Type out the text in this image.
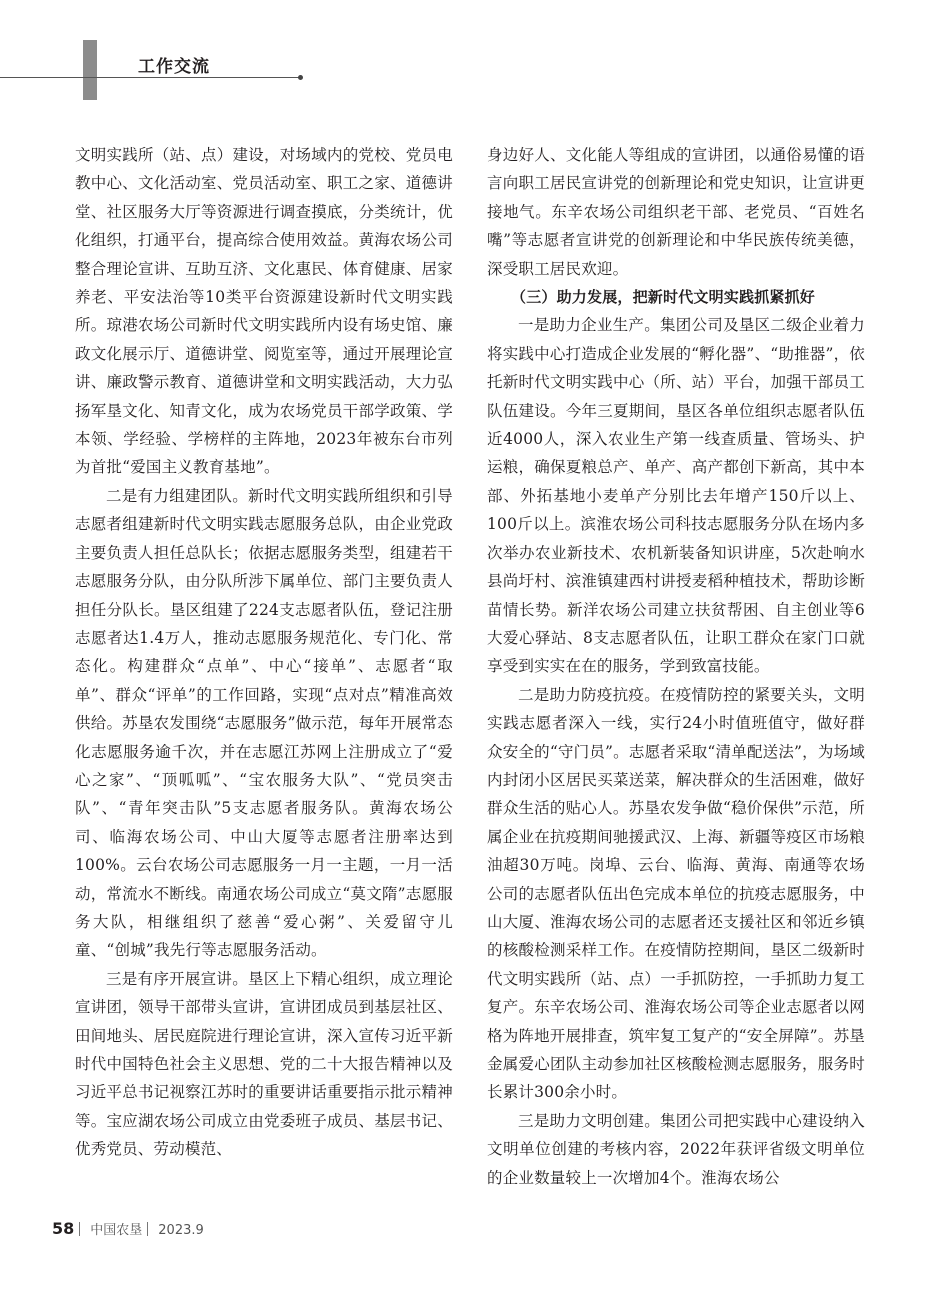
工作交流

文明实践所（站、点）建设，对场域内的党校、党员电教中心、文化活动室、党员活动室、职工之家、道德讲堂、社区服务大厅等资源进行调查摸底，分类统计，优化组织，打通平台，提高综合使用效益。黄海农场公司整合理论宣讲、互助互济、文化惠民、体育健康、居家养老、平安法治等10类平台资源建设新时代文明实践所。琼港农场公司新时代文明实践所内设有场史馆、廉政文化展示厅、道德讲堂、阅览室等，通过开展理论宣讲、廉政警示教育、道德讲堂和文明实践活动，大力弘扬军垦文化、知青文化，成为农场党员干部学政策、学本领、学经验、学榜样的主阵地，2023年被东台市列为首批“爱国主义教育基地”。

二是有力组建团队。新时代文明实践所组织和引导志愿者组建新时代文明实践志愿服务总队，由企业党政主要负责人担任总队长；依据志愿服务类型，组建若干志愿服务分队，由分队所涉下属单位、部门主要负责人担任分队长。垦区组建了224支志愿者队伍，登记注册志愿者达1.4万人，推动志愿服务规范化、专门化、常态化。构建群众“点单”、中心“接单”、志愿者“取单”、群众“评单”的工作回路，实现“点对点”精准高效供给。苏垦农发围绕“志愿服务”做示范，每年开展常态化志愿服务逾千次，并在志愿江苏网上注册成立了“爱心之家”、“顶呱呱”、“宝农服务大队”、“党员突击队”、“青年突击队”5支志愿者服务队。黄海农场公司、临海农场公司、中山大厦等志愿者注册率达到100%。云台农场公司志愿服务一月一主题，一月一活动，常流水不断线。南通农场公司成立“莫文隋”志愿服务大队，相继组织了慈善“爱心粥”、关爱留守儿童、“创城”我先行等志愿服务活动。

三是有序开展宣讲。垦区上下精心组织，成立理论宣讲团，领导干部带头宣讲，宣讲团成员到基层社区、田间地头、居民庭院进行理论宣讲，深入宣传习近平新时代中国特色社会主义思想、党的二十大报告精神以及习近平总书记视察江苏时的重要讲话重要指示批示精神等。宝应湖农场公司成立由党委班子成员、基层书记、优秀党员、劳动模范、

身边好人、文化能人等组成的宣讲团，以通俗易懂的语言向职工居民宣讲党的创新理论和党史知识，让宣讲更接地气。东辛农场公司组织老干部、老党员、“百姓名嘴”等志愿者宣讲党的创新理论和中华民族传统美德，深受职工居民欢迎。

（三）助力发展，把新时代文明实践抓紧抓好

一是助力企业生产。集团公司及垦区二级企业着力将实践中心打造成企业发展的“孵化器”、“助推器”，依托新时代文明实践中心（所、站）平台，加强干部员工队伍建设。今年三夏期间，垦区各单位组织志愿者队伍近4000人，深入农业生产第一线查质量、管场头、护运粮，确保夏粮总产、单产、高产都创下新高，其中本部、外拓基地小麦单产分别比去年增产150斤以上、100斤以上。滨淮农场公司科技志愿服务分队在场内多次举办农业新技术、农机新装备知识讲座，5次赴响水县尚圩村、滨淮镇建西村讲授麦稻种植技术，帮助诊断苗情长势。新洋农场公司建立扶贫帮困、自主创业等6大爱心驿站、8支志愿者队伍，让职工群众在家门口就享受到实实在在的服务，学到致富技能。

二是助力防疫抗疫。在疫情防控的紧要关头，文明实践志愿者深入一线，实行24小时值班值守，做好群众安全的“守门员”。志愿者采取“清单配送法”，为场域内封闭小区居民买菜送菜，解决群众的生活困难，做好群众生活的贴心人。苏垦农发争做“稳价保供”示范，所属企业在抗疫期间驰援武汉、上海、新疆等疫区市场粮油超30万吨。岗埠、云台、临海、黄海、南通等农场公司的志愿者队伍出色完成本单位的抗疫志愿服务，中山大厦、淮海农场公司的志愿者还支援社区和邻近乡镇的核酸检测采样工作。在疫情防控期间，垦区二级新时代文明实践所（站、点）一手抓防控，一手抓助力复工复产。东辛农场公司、淮海农场公司等企业志愿者以网格为阵地开展排查，筑牢复工复产的“安全屏障”。苏垦金属爱心团队主动参加社区核酸检测志愿服务，服务时长累计300余小时。

三是助力文明创建。集团公司把实践中心建设纳入文明单位创建的考核内容，2022年获评省级文明单位的企业数量较上一次增加4个。淮海农场公

58 中国农垦 2023.9
